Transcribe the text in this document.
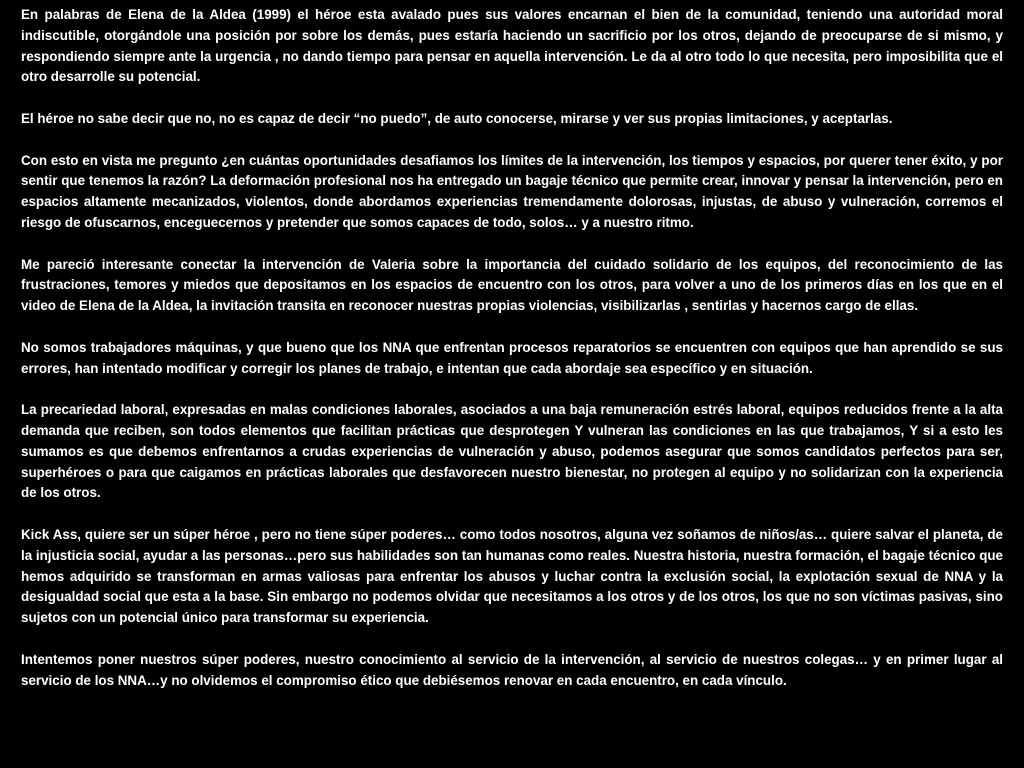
En palabras de Elena de la Aldea (1999) el héroe esta avalado pues sus valores encarnan el bien de la comunidad, teniendo una autoridad moral indiscutible, otorgándole una posición por sobre los demás, pues estaría haciendo un sacrificio por los otros, dejando de preocuparse de si mismo, y respondiendo siempre ante la urgencia , no dando tiempo para pensar en aquella intervención. Le da al otro todo lo que necesita, pero imposibilita que el otro desarrolle su potencial.

El héroe no sabe decir que no, no es capaz de decir “no puedo”, de auto conocerse, mirarse y ver sus propias limitaciones, y aceptarlas.

Con esto en vista me pregunto ¿en cuántas oportunidades desafiamos los límites de la intervención, los tiempos y espacios, por querer tener éxito, y por sentir que tenemos la razón? La deformación profesional nos ha entregado un bagaje técnico que permite crear, innovar y pensar la intervención, pero en espacios altamente mecanizados, violentos, donde abordamos experiencias tremendamente dolorosas, injustas, de abuso y vulneración, corremos el riesgo de ofuscarnos, enceguecernos y pretender que somos capaces de todo, solos… y a nuestro ritmo.

Me pareció interesante conectar la intervención de Valeria sobre la importancia del cuidado solidario de los equipos, del reconocimiento de las frustraciones, temores y miedos que depositamos en los espacios de encuentro con los otros, para volver a uno de los primeros días en los que en el video de Elena de la Aldea, la invitación transita en reconocer nuestras propias violencias, visibilizarlas , sentirlas y hacernos cargo de ellas.

No somos trabajadores máquinas, y que bueno que los NNA que enfrentan procesos reparatorios se encuentren con equipos que han aprendido se sus errores, han intentado modificar y corregir los planes de trabajo, e intentan que cada abordaje sea específico y en situación.

La precariedad laboral, expresadas en malas condiciones laborales, asociados a una baja remuneración estrés laboral, equipos reducidos frente a la alta demanda que reciben, son todos elementos que facilitan prácticas que desprotegen Y vulneran las condiciones en las que trabajamos, Y si a esto les sumamos es que debemos enfrentarnos a crudas experiencias de vulneración y abuso, podemos asegurar que somos candidatos perfectos para ser, superhéroes o para que caigamos en prácticas laborales que desfavorecen nuestro bienestar, no protegen al equipo y no solidarizan con la experiencia de los otros.

Kick Ass, quiere ser un súper héroe , pero no tiene súper poderes… como todos nosotros, alguna vez soñamos de niños/as… quiere salvar el planeta, de la injusticia social, ayudar a las personas…pero sus habilidades son tan humanas como reales. Nuestra historia, nuestra formación, el bagaje técnico que hemos adquirido se transforman en armas valiosas para enfrentar los abusos y luchar contra la exclusión social, la explotación sexual de NNA y la desigualdad social que esta a la base. Sin embargo no podemos olvidar que necesitamos a los otros y de los otros, los que no son víctimas pasivas, sino sujetos con un potencial único para transformar su experiencia.

Intentemos poner nuestros súper poderes, nuestro conocimiento al servicio de la intervención, al servicio de nuestros colegas… y en primer lugar al servicio de los NNA…y no olvidemos el compromiso ético que debiésemos renovar en cada encuentro, en cada vínculo.
